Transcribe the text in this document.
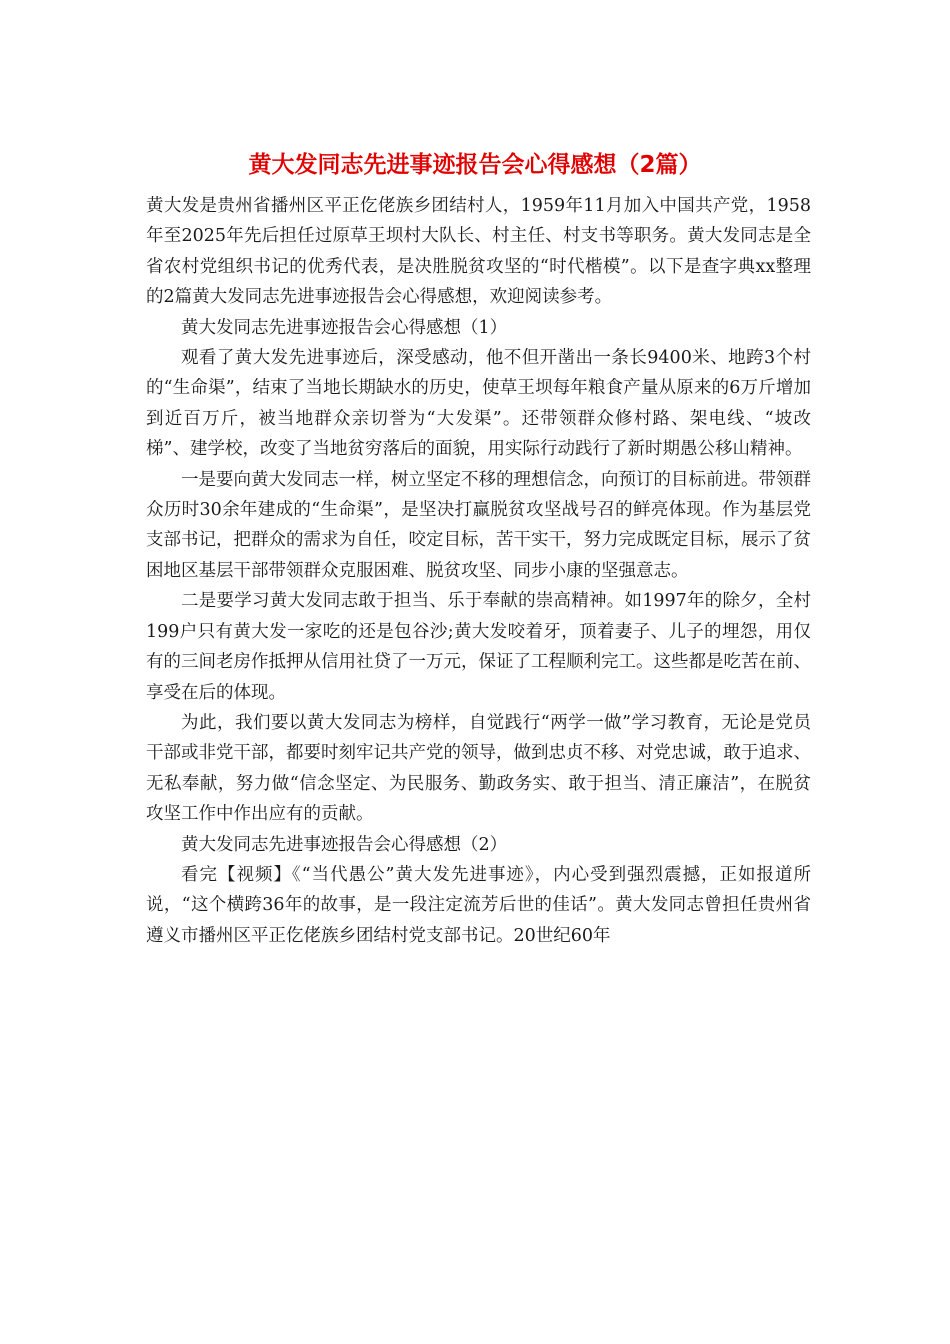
黄大发同志先进事迹报告会心得感想（2篇）

黄大发是贵州省播州区平正仡佬族乡团结村人，1959年11月加入中国共产党，1958年至2025年先后担任过原草王坝村大队长、村主任、村支书等职务。黄大发同志是全省农村党组织书记的优秀代表，是决胜脱贫攻坚的“时代楷模”。以下是查字典xx整理的2篇黄大发同志先进事迹报告会心得感想，欢迎阅读参考。

黄大发同志先进事迹报告会心得感想（1）

观看了黄大发先进事迹后，深受感动，他不但开凿出一条长9400米、地跨3个村的“生命渠”，结束了当地长期缺水的历史，使草王坝每年粮食产量从原来的6万斤增加到近百万斤，被当地群众亲切誉为“大发渠”。还带领群众修村路、架电线、“坡改梯”、建学校，改变了当地贫穷落后的面貌，用实际行动践行了新时期愚公移山精神。

一是要向黄大发同志一样，树立坚定不移的理想信念，向预订的目标前进。带领群众历时30余年建成的“生命渠”，是坚决打赢脱贫攻坚战号召的鲜亮体现。作为基层党支部书记，把群众的需求为自任，咬定目标，苦干实干，努力完成既定目标，展示了贫困地区基层干部带领群众克服困难、脱贫攻坚、同步小康的坚强意志。

二是要学习黄大发同志敢于担当、乐于奉献的崇高精神。如1997年的除夕，全村199户只有黄大发一家吃的还是包谷沙;黄大发咬着牙，顶着妻子、儿子的埋怨，用仅有的三间老房作抵押从信用社贷了一万元，保证了工程顺利完工。这些都是吃苦在前、享受在后的体现。

为此，我们要以黄大发同志为榜样，自觉践行“两学一做”学习教育，无论是党员干部或非党干部，都要时刻牢记共产党的领导，做到忠贞不移、对党忠诚，敢于追求、无私奉献，努力做“信念坚定、为民服务、勤政务实、敢于担当、清正廉洁”，在脱贫攻坚工作中作出应有的贡献。

黄大发同志先进事迹报告会心得感想（2）

看完【视频】《“当代愚公”黄大发先进事迹》，内心受到强烈震撼，正如报道所说，“这个横跨36年的故事，是一段注定流芳后世的佳话”。黄大发同志曾担任贵州省遵义市播州区平正仡佬族乡团结村党支部书记。20世纪60年
